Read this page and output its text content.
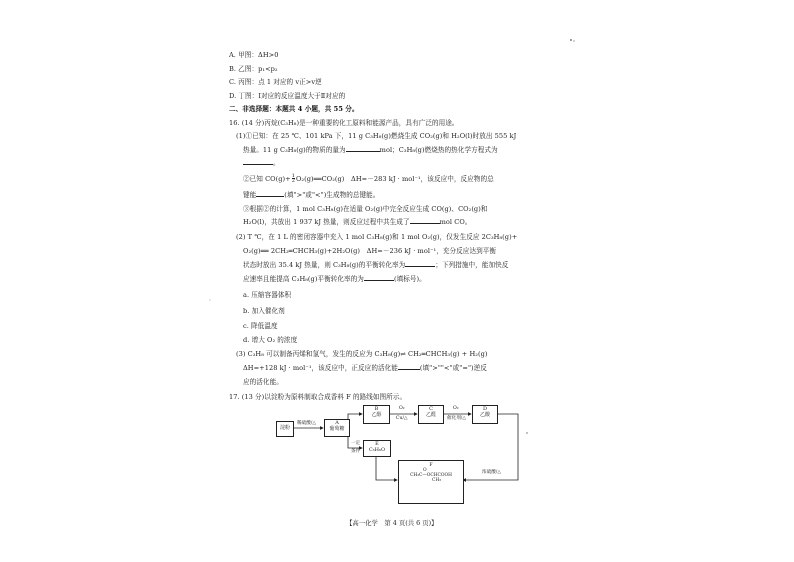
A. 甲图：ΔH>0
B. 乙图：p₁<p₂
C. 丙图：点 1 对应的 v正>v逆
D. 丁图：Ⅰ对应的反应温度大于Ⅱ对应的
二、非选择题：本题共 4 小题，共 55 分。
16. (14 分)丙烷(C₃H₈)是一种重要的化工原料和能源产品，具有广泛的用途。
(1)①已知：在 25 ℃、101 kPa 下，11 g C₃H₈(g)燃烧生成 CO₂(g)和 H₂O(l)时放出 555 kJ
热量。11 g C₃H₈(g)的物质的量为	mol；C₃H₈(g)燃烧热的热化学方程式为
。
②已知 $CO(g)+ \frac{1}{2}$ O₂(g)══CO₂(g)　ΔH=－283 kJ · mol⁻¹，该反应中，反应物的总
键能	(填">"或"<")生成物的总键能。
③根据②的计算，1 mol C₃H₈(g)在适量 O₂(g)中完全反应生成 CO(g)、CO₂(g)和
H₂O(l)，共放出 1 937 kJ 热量，则反应过程中共生成了	mol CO。
(2) T ℃，在 1 L 的密闭容器中充入 1 mol C₃H₈(g)和 1 mol O₂(g)，仅发生反应 2C₃H₈(g)+
O₂(g)══ 2CH₂═CHCH₃(g)+2H₂O(g)　ΔH=－236 kJ · mol⁻¹，充分反应达到平衡
状态时放出 35.4 kJ 热量，则 C₃H₈(g)的平衡转化率为	；下列措施中，能加快反
应速率且能提高 C₃H₈(g)平衡转化率的为	(填标号)。
a. 压缩容器体积
b. 加入催化剂
c. 降低温度
d. 增大 O₂ 的浓度
(3) C₃H₈ 可以制备丙烯和氢气，发生的反应为 C₃H₈(g)⇌ CH₂═CHCH₃(g) + H₂(g)
ΔH=+128 kJ · mol⁻¹，该反应中，正反应的活化能	(填">""<"或"=")逆反
应的活化能。
17. (13 分)以淀粉为原料制取合成香料 F 的路线如图所示。
淀粉
A
葡萄糖
B
乙醇
C
乙醛
D
乙酸
E
C₃H₆O
F
O
CH₃C—OCHCOOH
CH₃
稀硫酸/△
O₂
Cu/△
O₂
催化剂/△
一定
条件
浓硫酸/△
【高一化学　第 4 页(共 6 页)】
